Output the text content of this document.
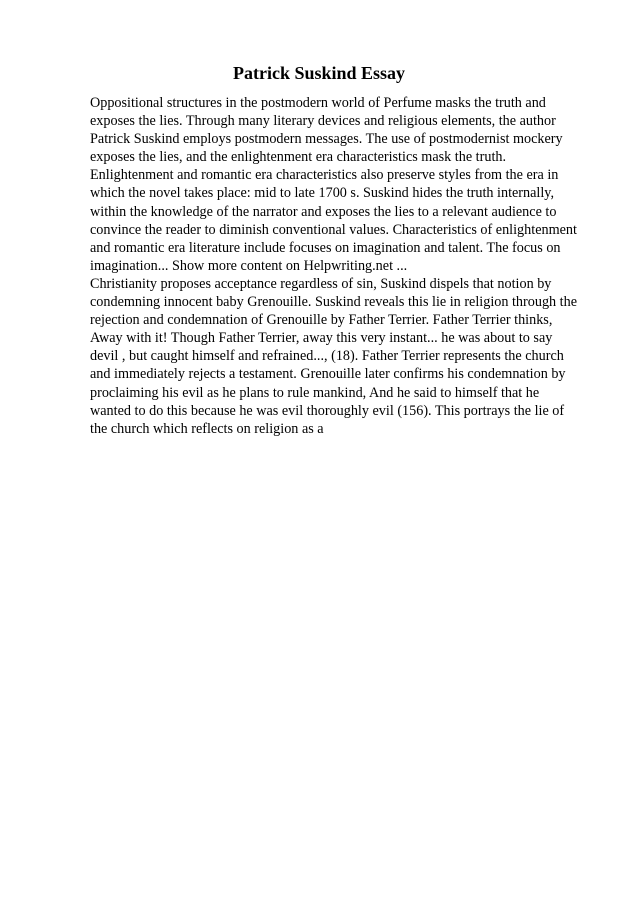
Patrick Suskind Essay
Oppositional structures in the postmodern world of Perfume masks the truth and
exposes the lies. Through many literary devices and religious elements, the author
Patrick Suskind employs postmodern messages. The use of postmodernist mockery
exposes the lies, and the enlightenment era characteristics mask the truth.
Enlightenment and romantic era characteristics also preserve styles from the era in
which the novel takes place: mid to late 1700 s. Suskind hides the truth internally,
within the knowledge of the narrator and exposes the lies to a relevant audience to
convince the reader to diminish conventional values. Characteristics of enlightenment
and romantic era literature include focuses on imagination and talent. The focus on
imagination... Show more content on Helpwriting.net ...
Christianity proposes acceptance regardless of sin, Suskind dispels that notion by
condemning innocent baby Grenouille. Suskind reveals this lie in religion through the
rejection and condemnation of Grenouille by Father Terrier. Father Terrier thinks,
Away with it! Though Father Terrier, away this very instant... he was about to say
devil , but caught himself and refrained..., (18). Father Terrier represents the church
and immediately rejects a testament. Grenouille later confirms his condemnation by
proclaiming his evil as he plans to rule mankind, And he said to himself that he
wanted to do this because he was evil thoroughly evil (156). This portrays the lie of
the church which reflects on religion as a
